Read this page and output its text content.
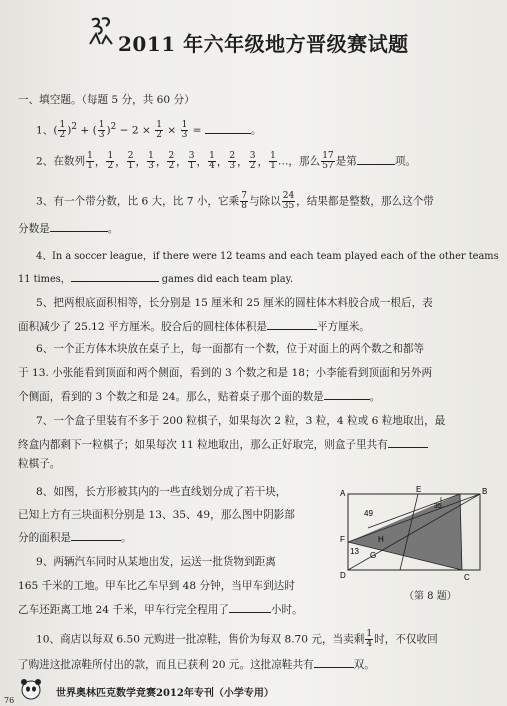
2011 年六年级地方晋级赛试题
一、填空题。（每题 5 分，共 60 分）
1、( $\frac{1}{2} )^2$ + ( $\frac{1}{3} )^2 - 2 \times \frac{1}{2} \times \frac{1}{3}$ =	。
2、在数列 $\frac{1}{1}$ ， $\frac{1}{2}$ ， $\frac{2}{1}$ ， $\frac{1}{3}$ ， $\frac{2}{2}$ ， $\frac{3}{1}$ ， $\frac{1}{4}$ ， $\frac{2}{3}$ ， $\frac{3}{2}$ ， $\frac{1}{1}$ …，那么 $\frac{17}{57}$ 是第	项。
3、有一个带分数，比 6 大，比 7 小，它乘 $\frac{7}{8}$ 与除以 $\frac{24}{35}$ ，结果都是整数，那么这个带
分数是	。
4、In a soccer league，if there were 12 teams and each team played each of the other teams
11 times，	games did each team play.
5、把两根底面积相等，长分别是 15 厘米和 25 厘米的圆柱体木料胶合成一根后，表
面积减少了 25.12 平方厘米。胶合后的圆柱体体积是	平方厘米。
6、一个正方体木块放在桌子上，每一面都有一个数，位于对面上的两个数之和都等
于 13. 小张能看到顶面和两个侧面，看到的 3 个数之和是 18；小李能看到顶面和另外两
个侧面，看到的 3 个数之和是 24。那么，贴着桌子那个面的数是	。
7、一个盒子里装有不多于 200 粒棋子，如果每次 2 粒，3 粒，4 粒或 6 粒地取出，最
终盒内都剩下一粒棋子；如果每次 11 粒地取出，那么正好取完，则盒子里共有
粒棋子。
8、如图，长方形被其内的一些直线划分成了若干块，
已知上方有三块面积分别是 13、35、49，那么图中阴影部
分的面积是	。
9、两辆汽车同时从某地出发，运送一批货物到距离
165 千米的工地。甲车比乙车早到 48 分钟，当甲车到达时
乙车还距离工地 24 千米，甲车行完全程用了	小时。
A	B
C
D
E
F
G
H
I
49
35
13
（第 8 题）
10、商店以每双 6.50 元购进一批凉鞋，售价为每双 8.70 元，当卖剩 $\frac{1}{4}$ 时，不仅收回
了购进这批凉鞋所付出的款，而且已获利 20 元。这批凉鞋共有	双。
76
世界奥林匹克数学竞赛2012年专刊（小学专用）
